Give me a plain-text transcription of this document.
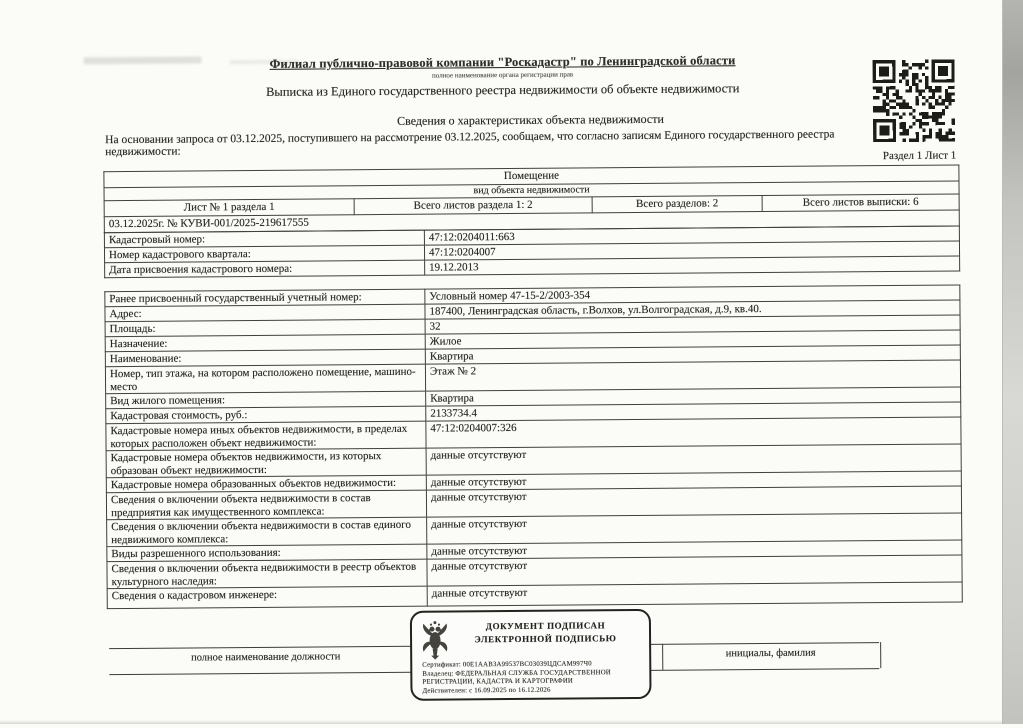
Филиал публично-правовой компании "Роскадастр" по Ленинградской области
полное наименование органа регистрации прав
Выписка из Единого государственного реестра недвижимости об объекте недвижимости
Сведения о характеристиках объекта недвижимости
На основании запроса от 03.12.2025, поступившего на рассмотрение 03.12.2025, сообщаем, что согласно записям Единого государственного реестра недвижимости:	Раздел 1 Лист 1
Помещение
вид объекта недвижимости
Лист № 1 раздела 1	Всего листов раздела 1: 2	Всего разделов: 2	Всего листов выписки: 6
03.12.2025г. № КУВИ-001/2025-219617555
Кадастровый номер:	47:12:0204011:663
Номер кадастрового квартала:	47:12:0204007
Дата присвоения кадастрового номера:	19.12.2013
Ранее присвоенный государственный учетный номер:	Условный номер 47-15-2/2003-354
Адрес:	187400, Ленинградская область, г.Волхов, ул.Волгоградская, д.9, кв.40.
Площадь:	32
Назначение:	Жилое
Наименование:	Квартира
Номер, тип этажа, на котором расположено помещение, машино-место	Этаж № 2
Вид жилого помещения:	Квартира
Кадастровая стоимость, руб.:	2133734.4
Кадастровые номера иных объектов недвижимости, в пределах которых расположен объект недвижимости:	47:12:0204007:326
Кадастровые номера объектов недвижимости, из которых образован объект недвижимости:	данные отсутствуют
Кадастровые номера образованных объектов недвижимости:	данные отсутствуют
Сведения о включении объекта недвижимости в состав предприятия как имущественного комплекса:	данные отсутствуют
Сведения о включении объекта недвижимости в состав единого недвижимого комплекса:	данные отсутствуют
Виды разрешенного использования:	данные отсутствуют
Сведения о включении объекта недвижимости в реестр объектов культурного наследия:	данные отсутствуют
Сведения о кадастровом инженере:	данные отсутствуют
полное наименование должности	инициалы, фамилия
ДОКУМЕНТ ПОДПИСАН
ЭЛЕКТРОННОЙ ПОДПИСЬЮ
Сертификат: 00Е1ААВ3А99537ВС03039ЦДСАМ997Ч0
Владелец: ФЕДЕРАЛЬНАЯ СЛУЖБА ГОСУДАРСТВЕННОЙ
РЕГИСТРАЦИИ, КАДАСТРА И КАРТОГРАФИИ
Действителен: с 16.09.2025 по 16.12.2026
